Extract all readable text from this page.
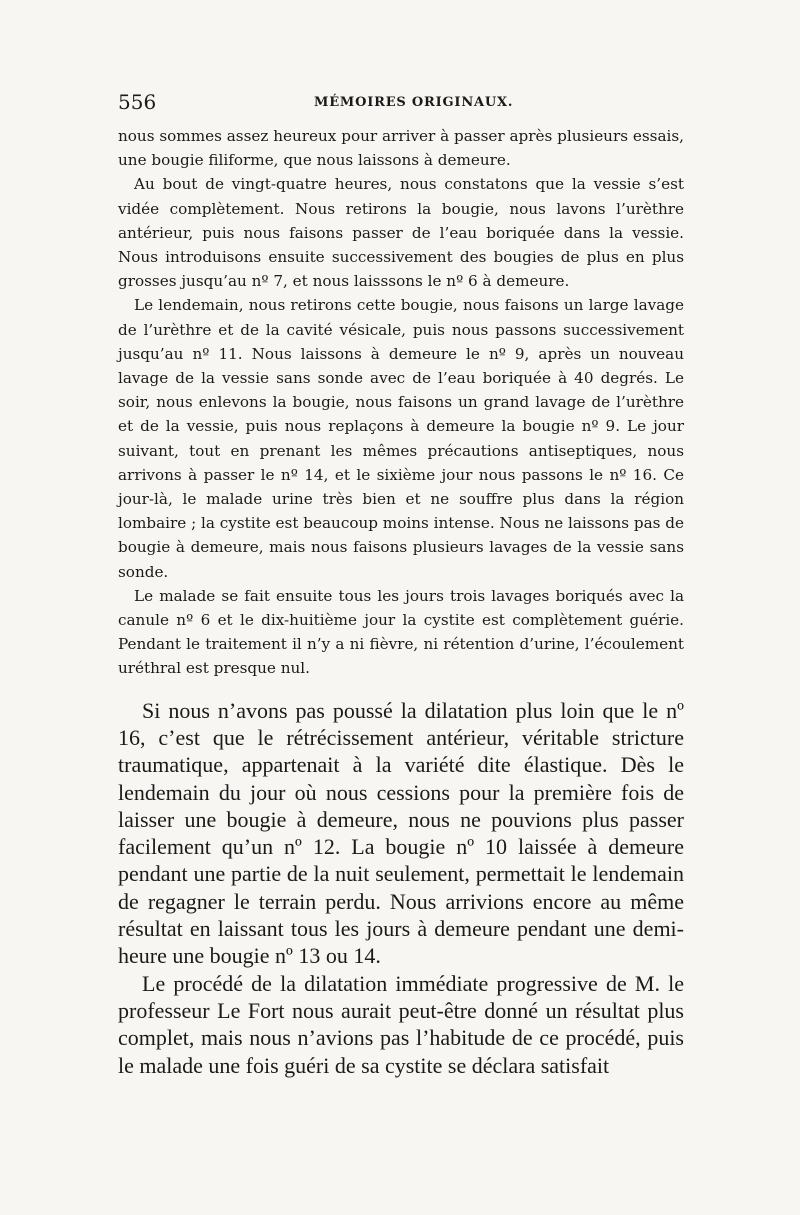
556	MÉMOIRES ORIGINAUX.

nous sommes assez heureux pour arriver à passer après plusieurs essais, une bougie filiforme, que nous laissons à demeure.

Au bout de vingt-quatre heures, nous constatons que la vessie s’est vidée complètement. Nous retirons la bougie, nous lavons l’urèthre antérieur, puis nous faisons passer de l’eau boriquée dans la vessie. Nous introduisons ensuite successivement des bougies de plus en plus grosses jusqu’au nº 7, et nous laisssons le nº 6 à demeure.

Le lendemain, nous retirons cette bougie, nous faisons un large lavage de l’urèthre et de la cavité vésicale, puis nous passons successivement jusqu’au nº 11. Nous laissons à demeure le nº 9, après un nouveau lavage de la vessie sans sonde avec de l’eau boriquée à 40 degrés. Le soir, nous enlevons la bougie, nous faisons un grand lavage de l’urèthre et de la vessie, puis nous replaçons à demeure la bougie nº 9. Le jour suivant, tout en prenant les mêmes précautions antiseptiques, nous arrivons à passer le nº 14, et le sixième jour nous passons le nº 16. Ce jour-là, le malade urine très bien et ne souffre plus dans la région lombaire ; la cystite est beaucoup moins intense. Nous ne laissons pas de bougie à demeure, mais nous faisons plusieurs lavages de la vessie sans sonde.

Le malade se fait ensuite tous les jours trois lavages boriqués avec la canule nº 6 et le dix-huitième jour la cystite est complètement guérie. Pendant le traitement il n’y a ni fièvre, ni rétention d’urine, l’écoulement uréthral est presque nul.

Si nous n’avons pas poussé la dilatation plus loin que le nº 16, c’est que le rétrécissement antérieur, véritable stricture traumatique, appartenait à la variété dite élastique. Dès le lendemain du jour où nous cessions pour la première fois de laisser une bougie à demeure, nous ne pouvions plus passer facilement qu’un nº 12. La bougie nº 10 laissée à demeure pendant une partie de la nuit seulement, permettait le lendemain de regagner le terrain perdu. Nous arrivions encore au même résultat en laissant tous les jours à demeure pendant une demi-heure une bougie nº 13 ou 14.

Le procédé de la dilatation immédiate progressive de M. le professeur Le Fort nous aurait peut-être donné un résultat plus complet, mais nous n’avions pas l’habitude de ce procédé, puis le malade une fois guéri de sa cystite se déclara satisfait
